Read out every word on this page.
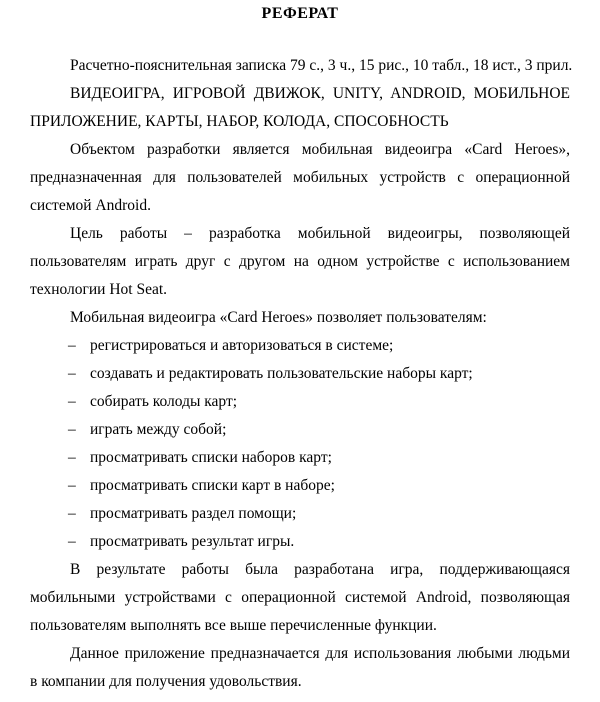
РЕФЕРАТ
Расчетно-пояснительная записка 79 с., 3 ч., 15 рис., 10 табл., 18 ист., 3 прил.
ВИДЕОИГРА, ИГРОВОЙ ДВИЖОК, UNITY, ANDROID, МОБИЛЬНОЕ
ПРИЛОЖЕНИЕ, КАРТЫ, НАБОР, КОЛОДА, СПОСОБНОСТЬ
Объектом разработки является мобильная видеоигра «Card Heroes»,
предназначенная для пользователей мобильных устройств с операционной
системой Android.
Цель работы – разработка мобильной видеоигры, позволяющей
пользователям играть друг с другом на одном устройстве с использованием
технологии Hot Seat.
Мобильная видеоигра «Card Heroes» позволяет пользователям:
– регистрироваться и авторизоваться в системе;
– создавать и редактировать пользовательские наборы карт;
– собирать колоды карт;
– играть между собой;
– просматривать списки наборов карт;
– просматривать списки карт в наборе;
– просматривать раздел помощи;
– просматривать результат игры.
В результате работы была разработана игра, поддерживающаяся
мобильными устройствами с операционной системой Android, позволяющая
пользователям выполнять все выше перечисленные функции.
Данное приложение предназначается для использования любыми людьми
в компании для получения удовольствия.
